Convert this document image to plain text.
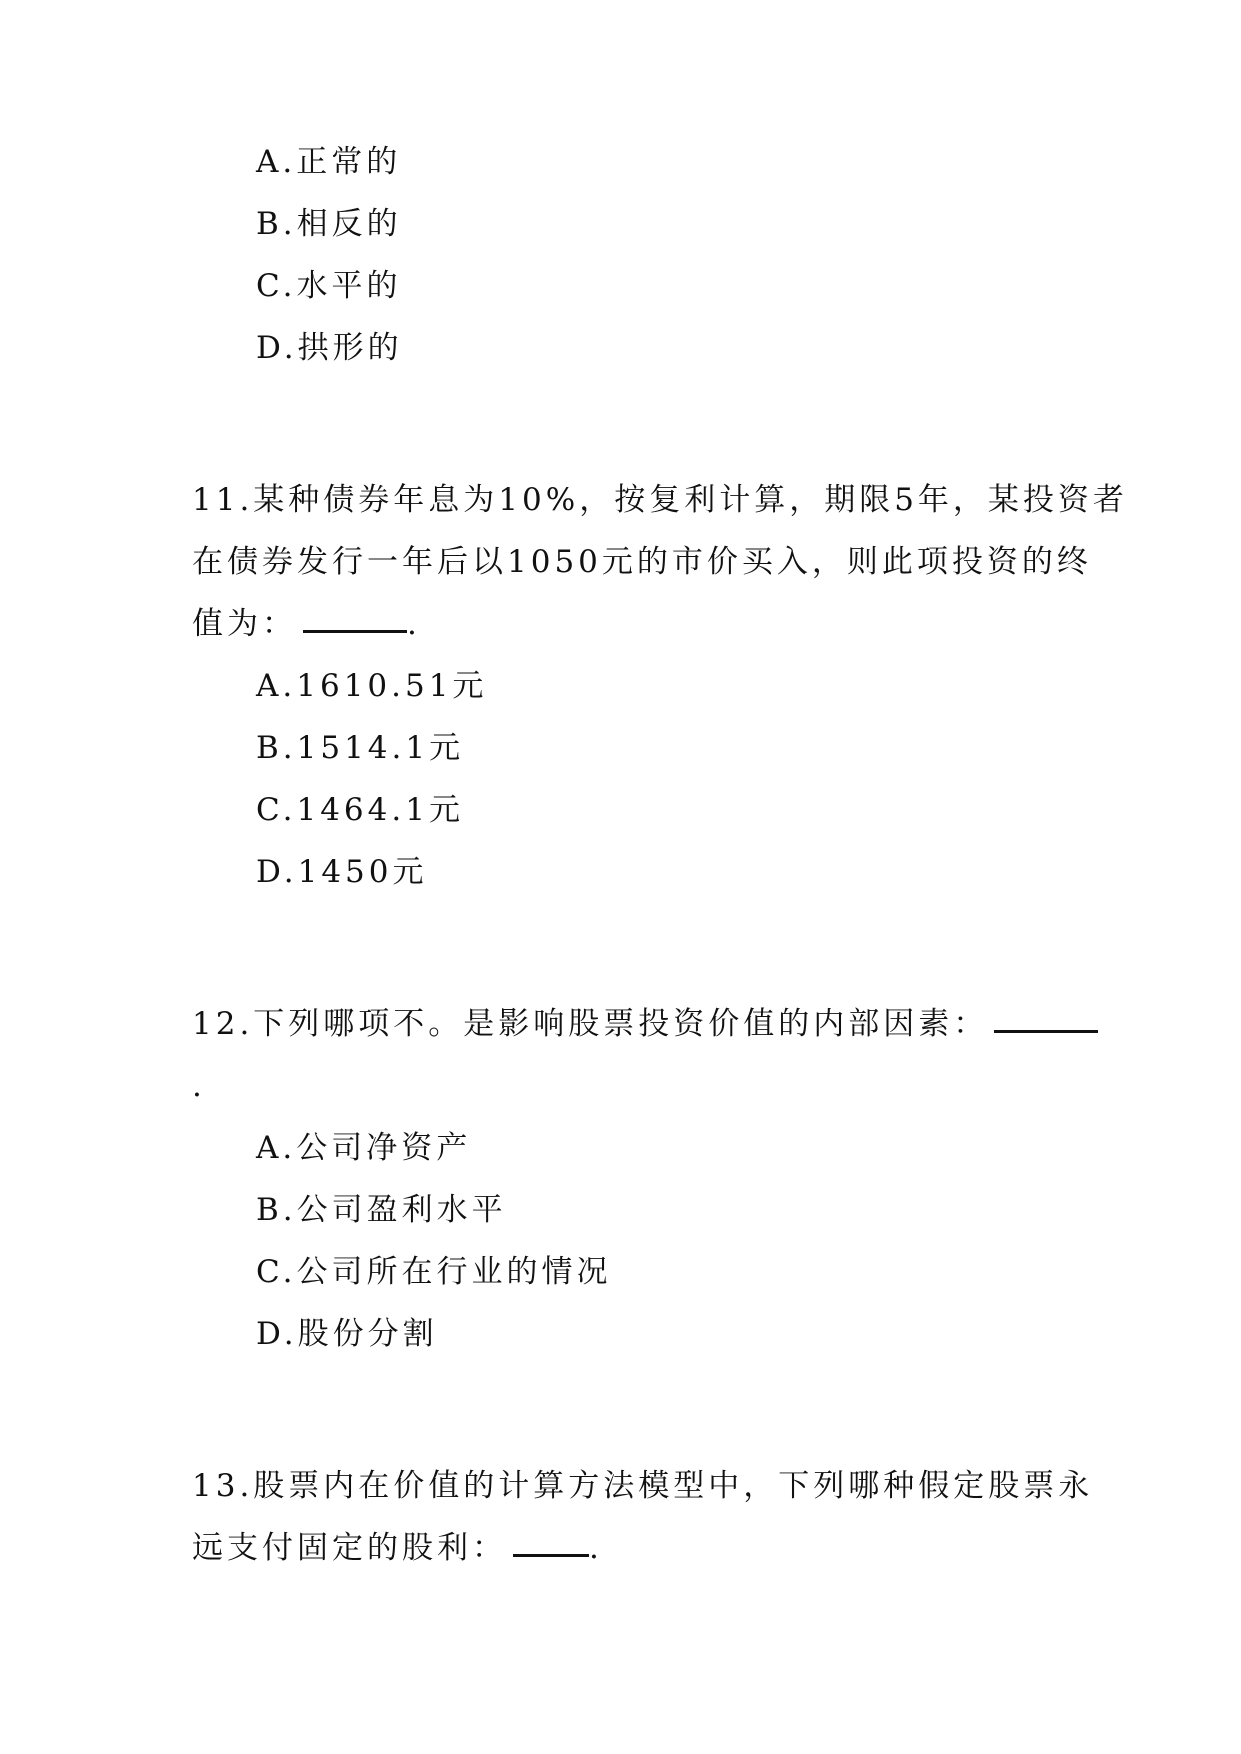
A.正常的
B.相反的
C.水平的
D.拱形的
11.某种债券年息为10%，按复利计算，期限5年，某投资者
在债券发行一年后以1050元的市价买入，则此项投资的终
值为：	.
A.1610.51元
B.1514.1元
C.1464.1元
D.1450元
12.下列哪项不。是影响股票投资价值的内部因素：
.
A.公司净资产
B.公司盈利水平
C.公司所在行业的情况
D.股份分割
13.股票内在价值的计算方法模型中，下列哪种假定股票永
远支付固定的股利：	.
